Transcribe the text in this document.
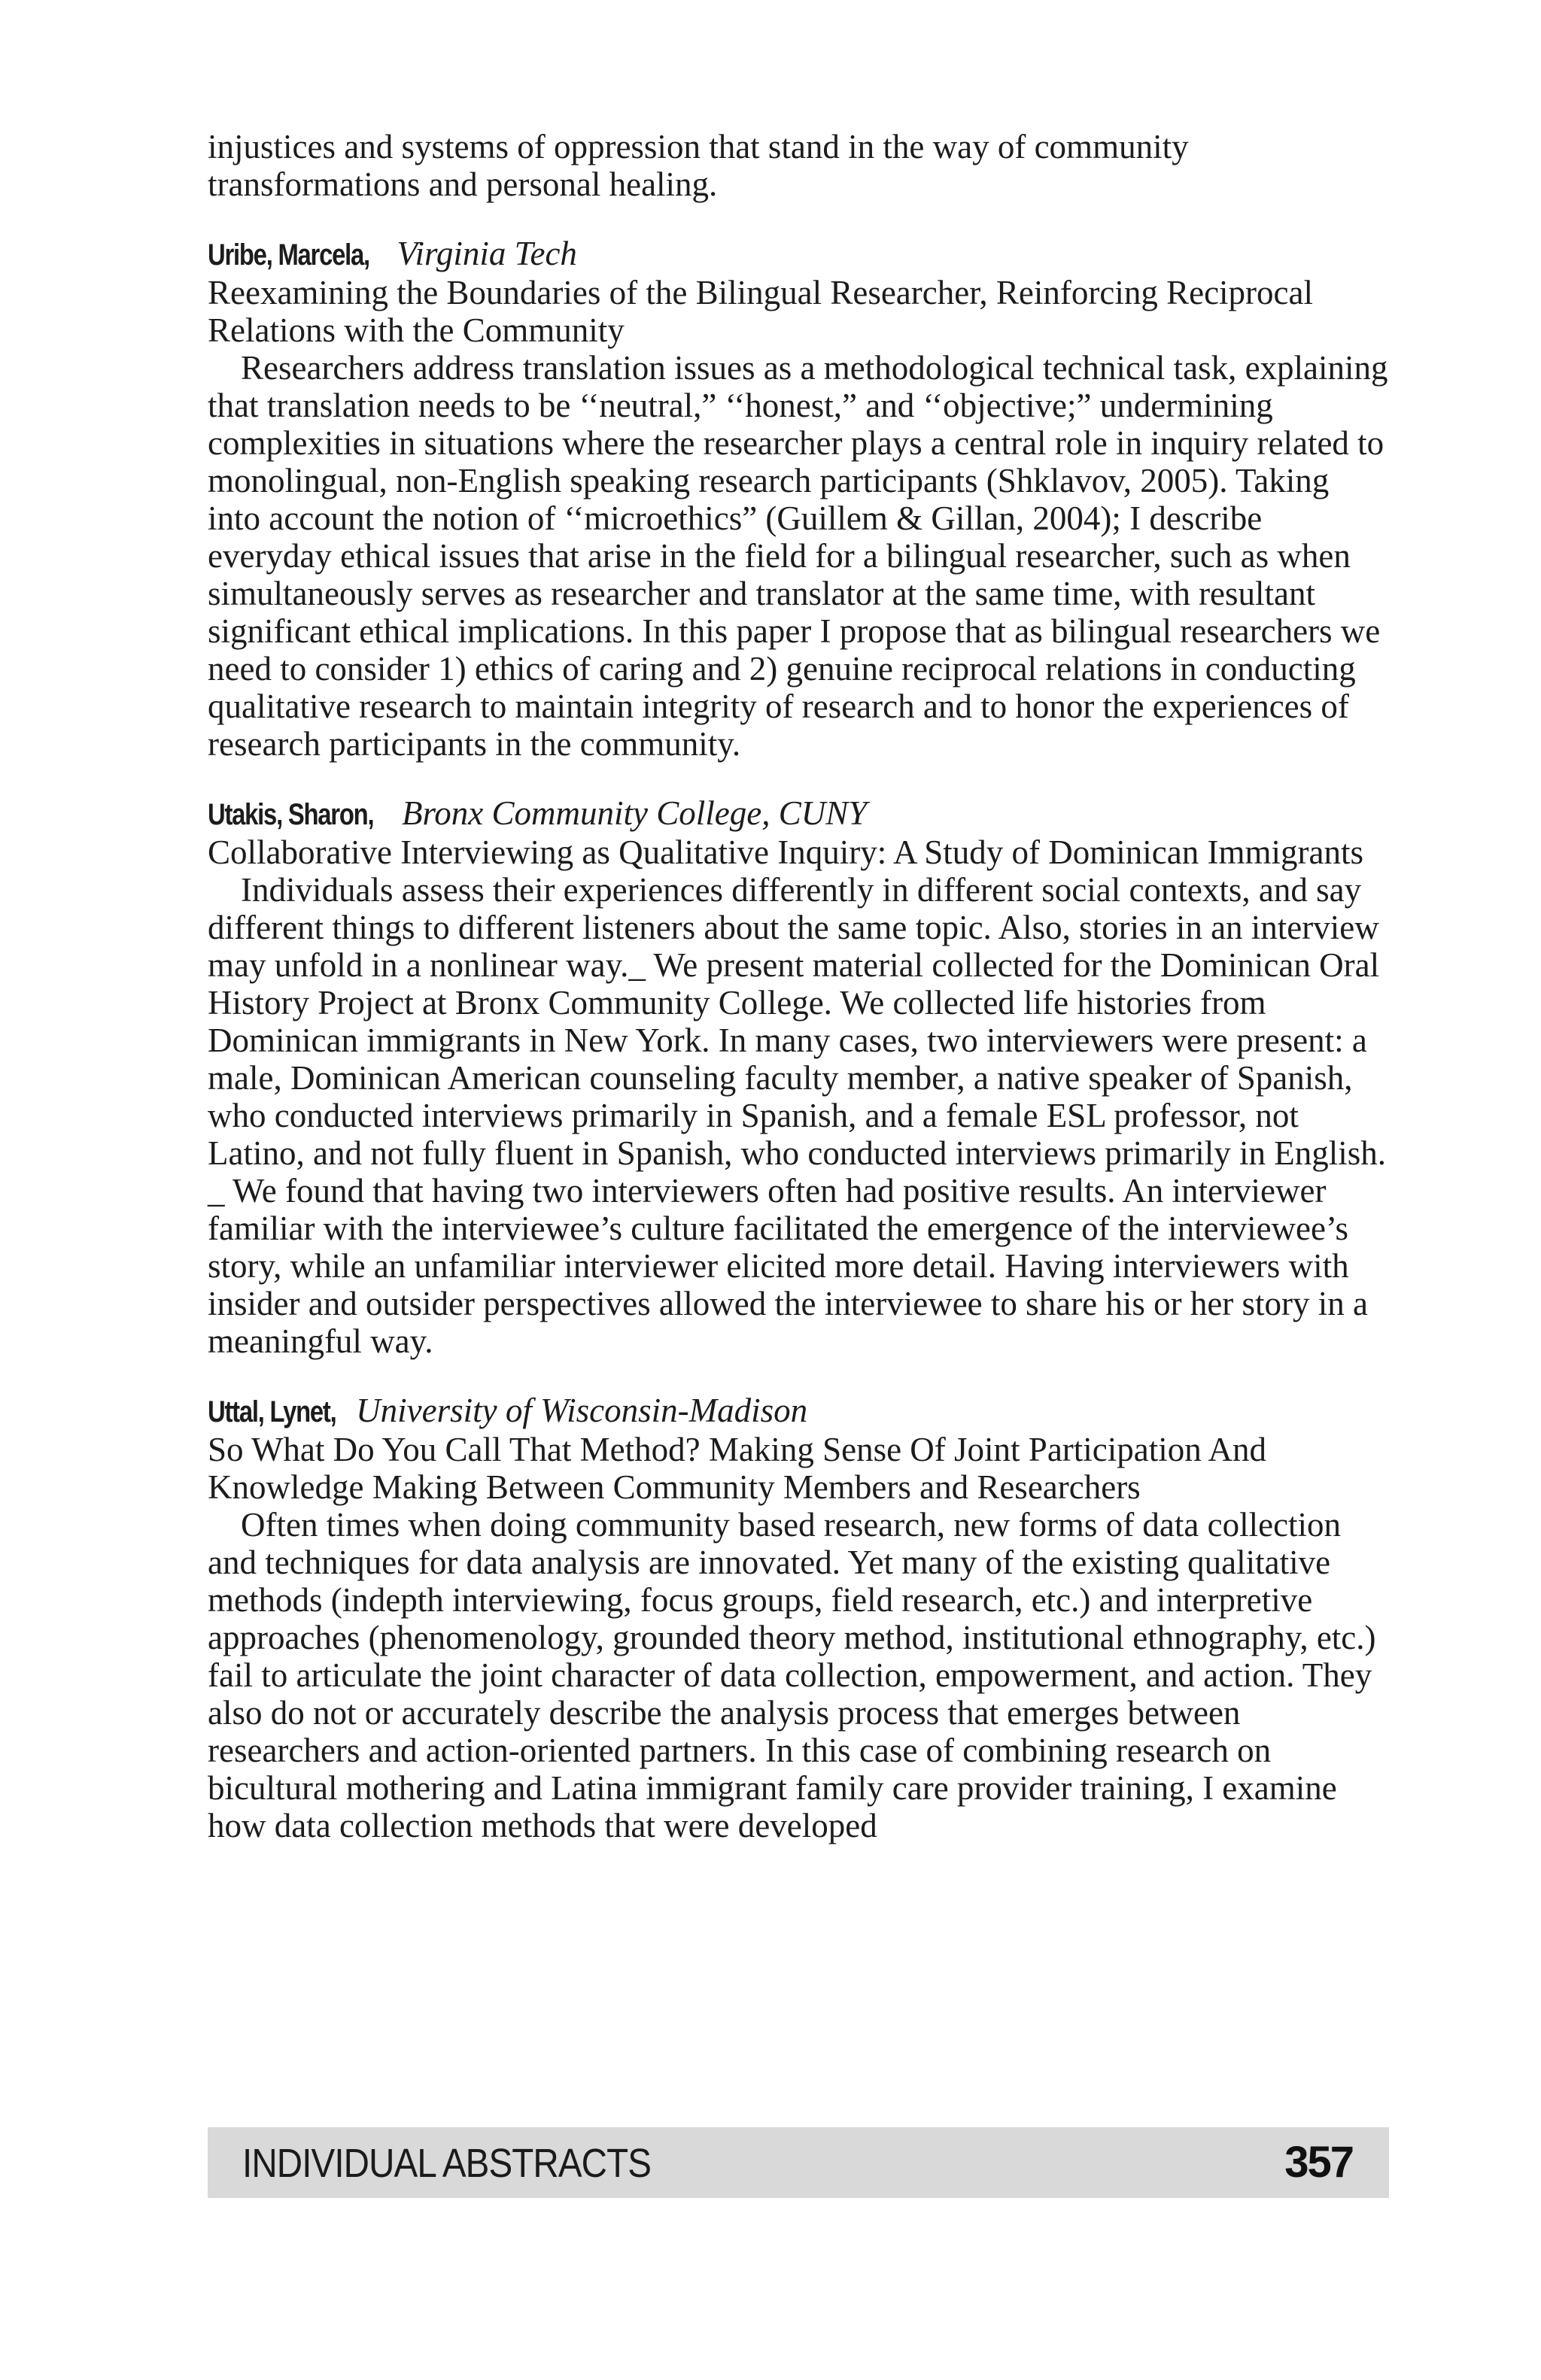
injustices and systems of oppression that stand in the way of community transformations and personal healing.

Uribe, Marcela, Virginia Tech

Reexamining the Boundaries of the Bilingual Researcher, Reinforcing Reciprocal Relations with the Community

Researchers address translation issues as a methodological technical task, explaining that translation needs to be ‘‘neutral,” ‘‘honest,” and ‘‘objective;” undermining complexities in situations where the researcher plays a central role in inquiry related to monolingual, non-English speaking research participants (Shklavov, 2005). Taking into account the notion of ‘‘microethics” (Guillem & Gillan, 2004); I describe everyday ethical issues that arise in the field for a bilingual researcher, such as when simultaneously serves as researcher and translator at the same time, with resultant significant ethical implications. In this paper I propose that as bilingual researchers we need to consider 1) ethics of caring and 2) genuine reciprocal relations in conducting qualitative research to maintain integrity of research and to honor the experiences of research participants in the community.

Utakis, Sharon, Bronx Community College, CUNY

Collaborative Interviewing as Qualitative Inquiry: A Study of Dominican Immigrants

Individuals assess their experiences differently in different social contexts, and say different things to different listeners about the same topic. Also, stories in an interview may unfold in a nonlinear way._ We present material collected for the Dominican Oral History Project at Bronx Community College. We collected life histories from Dominican immigrants in New York. In many cases, two interviewers were present: a male, Dominican American counseling faculty member, a native speaker of Spanish, who conducted interviews primarily in Spanish, and a female ESL professor, not Latino, and not fully fluent in Spanish, who conducted interviews primarily in English. _ We found that having two interviewers often had positive results. An interviewer familiar with the interviewee’s culture facilitated the emergence of the interviewee’s story, while an unfamiliar interviewer elicited more detail. Having interviewers with insider and outsider perspectives allowed the interviewee to share his or her story in a meaningful way.

Uttal, Lynet, University of Wisconsin-Madison

So What Do You Call That Method? Making Sense Of Joint Participation And Knowledge Making Between Community Members and Researchers

Often times when doing community based research, new forms of data collection and techniques for data analysis are innovated. Yet many of the existing qualitative methods (indepth interviewing, focus groups, field research, etc.) and interpretive approaches (phenomenology, grounded theory method, institutional ethnography, etc.) fail to articulate the joint character of data collection, empowerment, and action. They also do not or accurately describe the analysis process that emerges between researchers and action-oriented partners. In this case of combining research on bicultural mothering and Latina immigrant family care provider training, I examine how data collection methods that were developed

INDIVIDUAL ABSTRACTS	357
